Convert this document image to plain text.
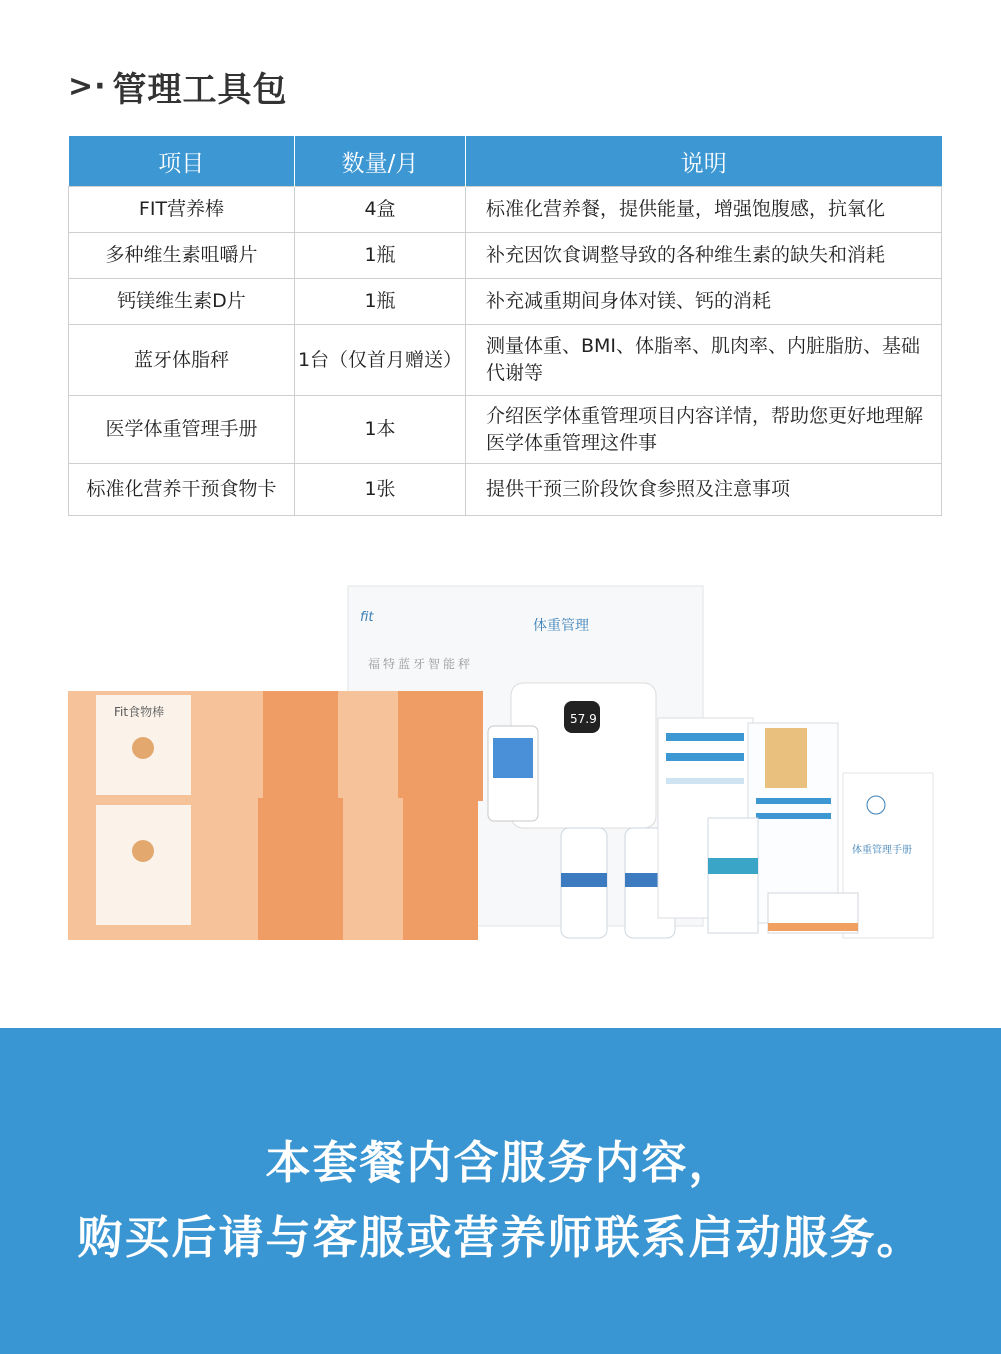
>· 管理工具包
项目	数量/月	说明
FIT营养棒	4盒	标准化营养餐，提供能量，增强饱腹感，抗氧化
多种维生素咀嚼片	1瓶	补充因饮食调整导致的各种维生素的缺失和消耗
钙镁维生素D片	1瓶	补充减重期间身体对镁、钙的消耗
蓝牙体脂秤	1台（仅首月赠送）	测量体重、BMI、体脂率、肌肉率、内脏脂肪、基础代谢等
医学体重管理手册	1本	介绍医学体重管理项目内容详情，帮助您更好地理解医学体重管理这件事
标准化营养干预食物卡	1张	提供干预三阶段饮食参照及注意事项
fit
体重管理
福特蓝牙智能秤
57.9
Fit食物棒
体重管理手册
本套餐内含服务内容，
购买后请与客服或营养师联系启动服务。
